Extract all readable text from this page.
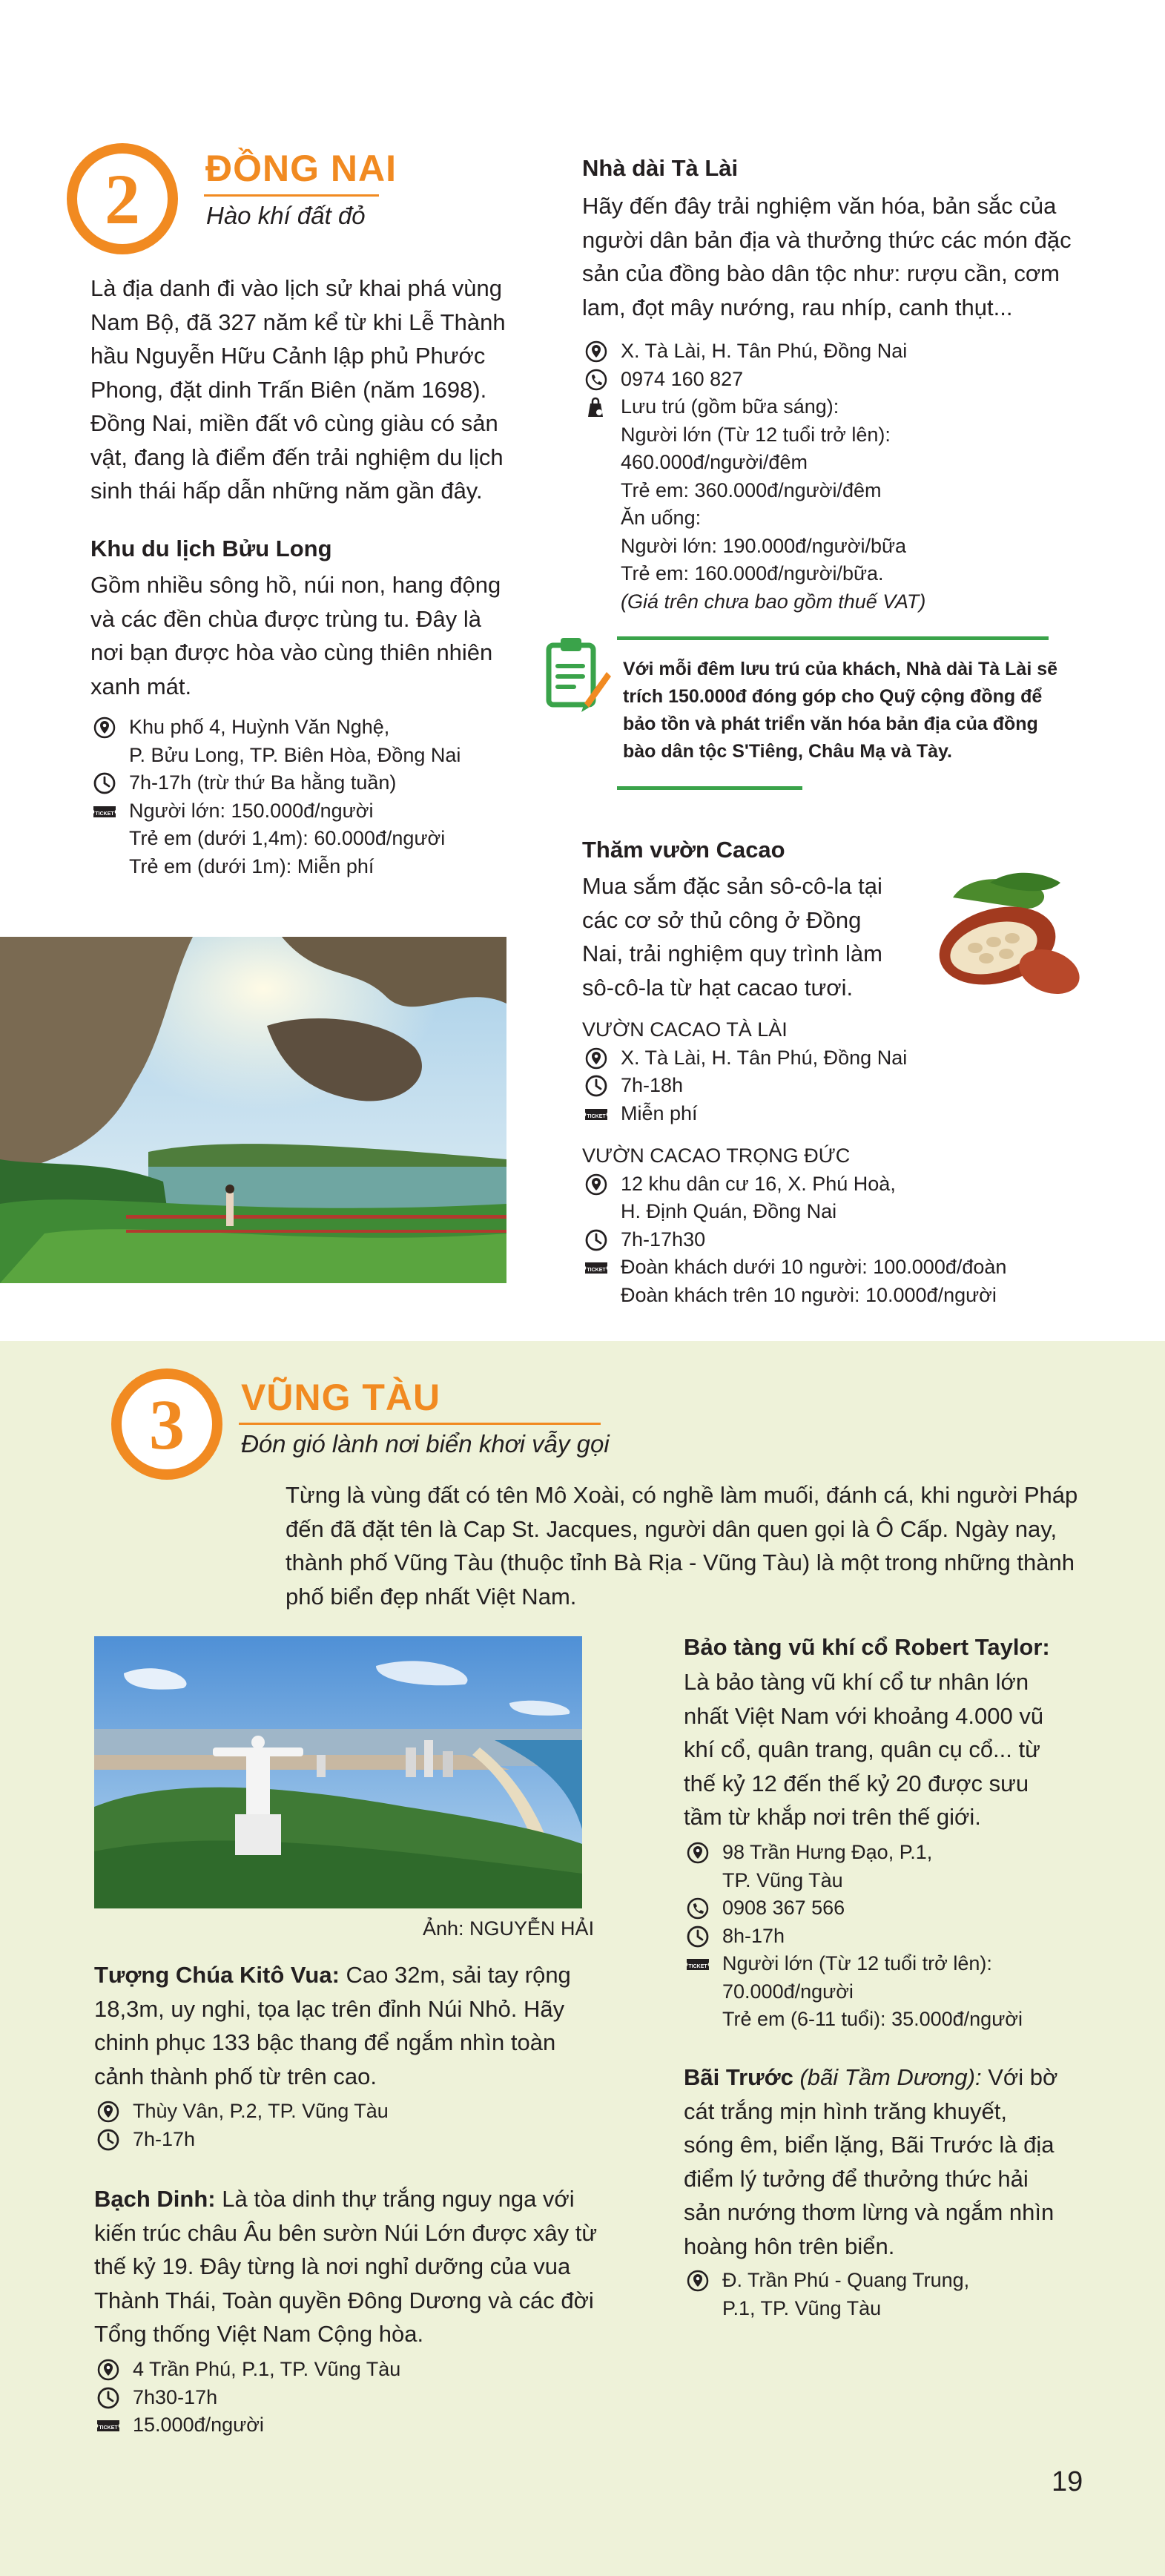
2	ĐỒNG NAI
Hào khí đất đỏ
Là địa danh đi vào lịch sử khai phá vùng
Nam Bộ, đã 327 năm kể từ khi Lễ Thành
hầu Nguyễn Hữu Cảnh lập phủ Phước
Phong, đặt dinh Trấn Biên (năm 1698).
Đồng Nai, miền đất vô cùng giàu có sản
vật, đang là điểm đến trải nghiệm du lịch
sinh thái hấp dẫn những năm gần đây.
Khu du lịch Bửu Long
Gồm nhiều sông hồ, núi non, hang động
và các đền chùa được trùng tu. Đây là
nơi bạn được hòa vào cùng thiên nhiên
xanh mát.
Khu phố 4, Huỳnh Văn Nghệ,
P. Bửu Long, TP. Biên Hòa, Đồng Nai
7h-17h (trừ thứ Ba hằng tuần)
Người lớn: 150.000đ/người
Trẻ em (dưới 1,4m): 60.000đ/người
Trẻ em (dưới 1m): Miễn phí
Nhà dài Tà Lài
Hãy đến đây trải nghiệm văn hóa, bản sắc của
người dân bản địa và thưởng thức các món đặc
sản của đồng bào dân tộc như: rượu cần, cơm
lam, đọt mây nướng, rau nhíp, canh thụt...
X. Tà Lài, H. Tân Phú, Đồng Nai
0974 160 827
Lưu trú (gồm bữa sáng):
Người lớn (Từ 12 tuổi trở lên):
460.000đ/người/đêm
Trẻ em: 360.000đ/người/đêm
Ăn uống:
Người lớn: 190.000đ/người/bữa
Trẻ em: 160.000đ/người/bữa.
(Giá trên chưa bao gồm thuế VAT)
Với mỗi đêm lưu trú của khách, Nhà dài Tà Lài sẽ
trích 150.000đ đóng góp cho Quỹ cộng đồng để
bảo tồn và phát triển văn hóa bản địa của đồng
bào dân tộc S'Tiêng, Châu Mạ và Tày.
Thăm vườn Cacao
Mua sắm đặc sản sô-cô-la tại
các cơ sở thủ công ở Đồng
Nai, trải nghiệm quy trình làm
sô-cô-la từ hạt cacao tươi.
VƯỜN CACAO TÀ LÀI
X. Tà Lài, H. Tân Phú, Đồng Nai
7h-18h
Miễn phí
VƯỜN CACAO TRỌNG ĐỨC
12 khu dân cư 16, X. Phú Hoà,
H. Định Quán, Đồng Nai
7h-17h30
Đoàn khách dưới 10 người: 100.000đ/đoàn
Đoàn khách trên 10 người: 10.000đ/người
3	VŨNG TÀU
Đón gió lành nơi biển khơi vẫy gọi
Từng là vùng đất có tên Mô Xoài, có nghề làm muối, đánh cá, khi người Pháp
đến đã đặt tên là Cap St. Jacques, người dân quen gọi là Ô Cấp. Ngày nay,
thành phố Vũng Tàu (thuộc tỉnh Bà Rịa - Vũng Tàu) là một trong những thành
phố biển đẹp nhất Việt Nam.
Ảnh: NGUYỄN HẢI
Tượng Chúa Kitô Vua: Cao 32m, sải tay rộng
18,3m, uy nghi, tọa lạc trên đỉnh Núi Nhỏ. Hãy
chinh phục 133 bậc thang để ngắm nhìn toàn
cảnh thành phố từ trên cao.
Thùy Vân, P.2, TP. Vũng Tàu
7h-17h
Bạch Dinh: Là tòa dinh thự trắng nguy nga với
kiến trúc châu Âu bên sườn Núi Lớn được xây từ
thế kỷ 19. Đây từng là nơi nghỉ dưỡng của vua
Thành Thái, Toàn quyền Đông Dương và các đời
Tổng thống Việt Nam Cộng hòa.
4 Trần Phú, P.1, TP. Vũng Tàu
7h30-17h
15.000đ/người
Bảo tàng vũ khí cổ Robert Taylor:
Là bảo tàng vũ khí cổ tư nhân lớn
nhất Việt Nam với khoảng 4.000 vũ
khí cổ, quân trang, quân cụ cổ... từ
thế kỷ 12 đến thế kỷ 20 được sưu
tầm từ khắp nơi trên thế giới.
98 Trần Hưng Đạo, P.1,
TP. Vũng Tàu
0908 367 566
8h-17h
Người lớn (Từ 12 tuổi trở lên):
70.000đ/người
Trẻ em (6-11 tuổi): 35.000đ/người
Bãi Trước (bãi Tầm Dương): Với bờ
cát trắng mịn hình trăng khuyết,
sóng êm, biển lặng, Bãi Trước là địa
điểm lý tưởng để thưởng thức hải
sản nướng thơm lừng và ngắm nhìn
hoàng hôn trên biển.
Đ. Trần Phú - Quang Trung,
P.1, TP. Vũng Tàu
19
